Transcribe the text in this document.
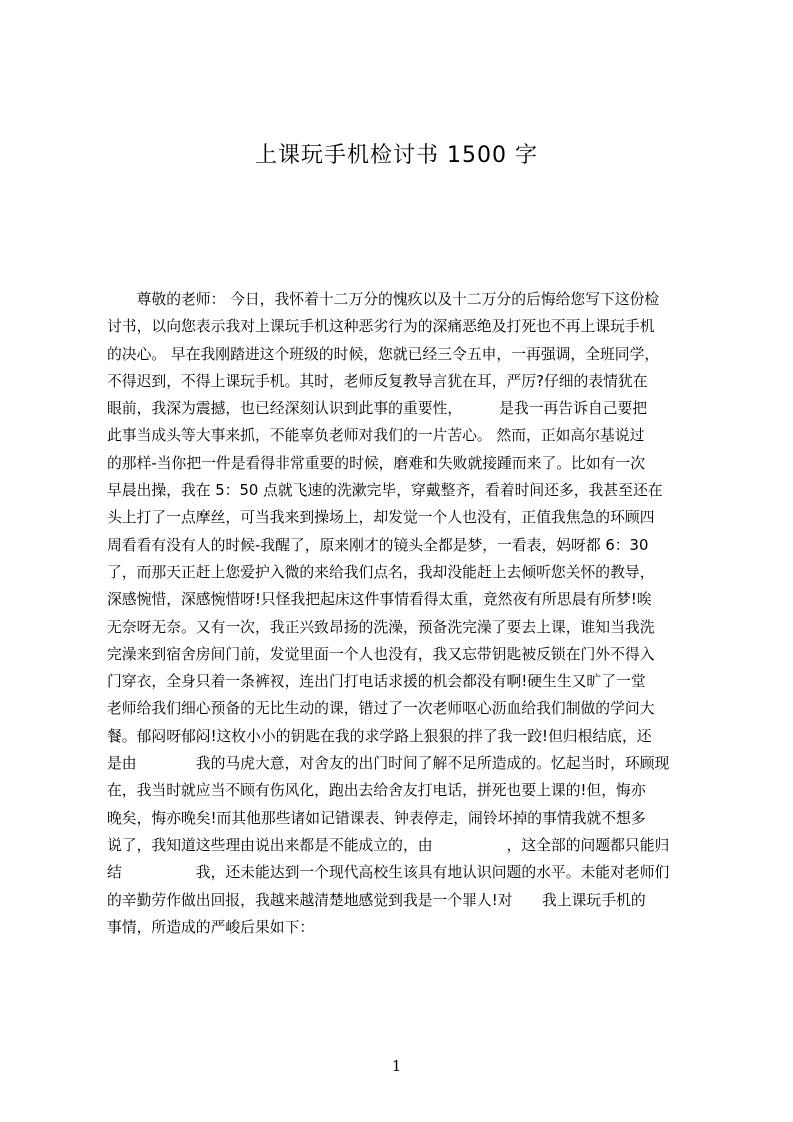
上课玩手机检讨书 1500 字
　　尊敬的老师： 今日，我怀着十二万分的愧疚以及十二万分的后悔给您写下这份检
讨书，以向您表示我对上课玩手机这种恶劣行为的深痛恶绝及打死也不再上课玩手机
的决心。 早在我刚踏进这个班级的时候，您就已经三令五申，一再强调，全班同学，
不得迟到，不得上课玩手机。其时，老师反复教导言犹在耳，严厉?仔细的表情犹在
眼前，我深为震撼，也已经深刻认识到此事的重要性，　　　是我一再告诉自己要把
此事当成头等大事来抓，不能辜负老师对我们的一片苦心。 然而，正如高尔基说过
的那样-当你把一件是看得非常重要的时候，磨难和失败就接踵而来了。比如有一次
早晨出操，我在 5：50 点就飞速的洗漱完毕，穿戴整齐，看着时间还多，我甚至还在
头上打了一点摩丝，可当我来到操场上，却发觉一个人也没有，正值我焦急的环顾四
周看看有没有人的时候-我醒了，原来刚才的镜头全都是梦，一看表，妈呀都 6：30
了，而那天正赶上您爱护入微的来给我们点名，我却没能赶上去倾听您关怀的教导，
深感惋惜，深感惋惜呀!只怪我把起床这件事情看得太重，竟然夜有所思晨有所梦!唉
无奈呀无奈。又有一次，我正兴致昂扬的洗澡，预备洗完澡了要去上课，谁知当我洗
完澡来到宿舍房间门前，发觉里面一个人也没有，我又忘带钥匙被反锁在门外不得入
门穿衣，全身只着一条裤衩，连出门打电话求援的机会都没有啊!硬生生又旷了一堂
老师给我们细心预备的无比生动的课，错过了一次老师呕心沥血给我们制做的学问大
餐。郁闷呀郁闷!这枚小小的钥匙在我的求学路上狠狠的拌了我一跤!但归根结底，还
是由　　　　我的马虎大意，对舍友的出门时间了解不足所造成的。忆起当时，环顾现
在，我当时就应当不顾有伤风化，跑出去给舍友打电话，拼死也要上课的!但，悔亦
晚矣，悔亦晚矣!而其他那些诸如记错课表、钟表停走，闹铃坏掉的事情我就不想多
说了，我知道这些理由说出来都是不能成立的，由　　　　　，这全部的问题都只能归
结　　　　　我，还未能达到一个现代高校生该具有地认识问题的水平。未能对老师们
的辛勤劳作做出回报，我越来越清楚地感觉到我是一个罪人!对　　我上课玩手机的
事情，所造成的严峻后果如下：
1
